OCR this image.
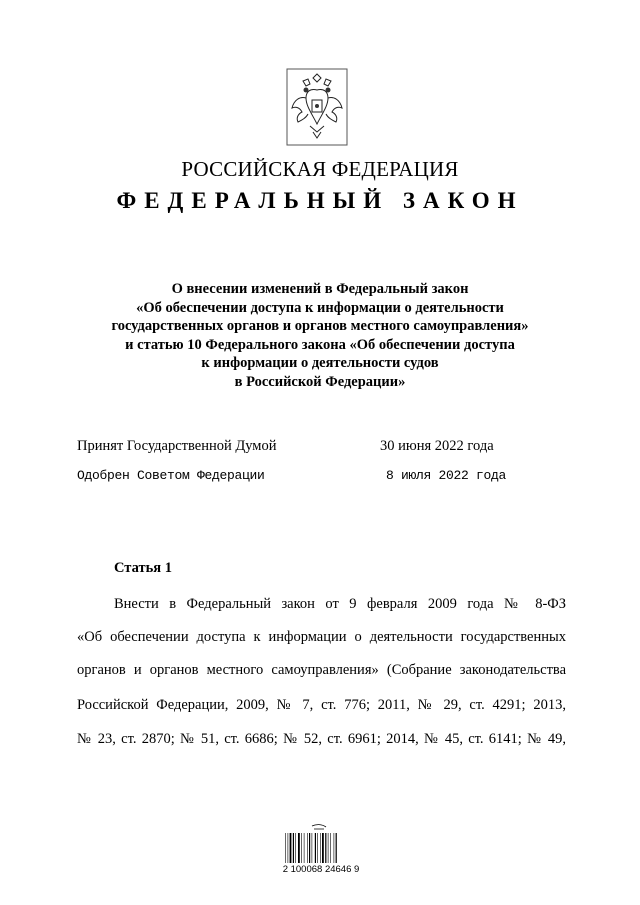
РОССИЙСКАЯ ФЕДЕРАЦИЯ
ФЕДЕРАЛЬНЫЙ ЗАКОН
О внесении изменений в Федеральный закон
«Об обеспечении доступа к информации о деятельности
государственных органов и органов местного самоуправления»
и статью 10 Федерального закона «Об обеспечении доступа
к информации о деятельности судов
в Российской Федерации»
Принят Государственной Думой	30 июня 2022 года
Одобрен Советом Федерации	8 июля 2022 года
Статья 1
Внести в Федеральный закон от 9 февраля 2009 года № 8-ФЗ
«Об обеспечении доступа к информации о деятельности государственных
органов и органов местного самоуправления» (Собрание законодательства
Российской Федерации, 2009, № 7, ст. 776; 2011, № 29, ст. 4291; 2013,
№ 23, ст. 2870; № 51, ст. 6686; № 52, ст. 6961; 2014, № 45, ст. 6141; № 49,
2 100068 24646 9
